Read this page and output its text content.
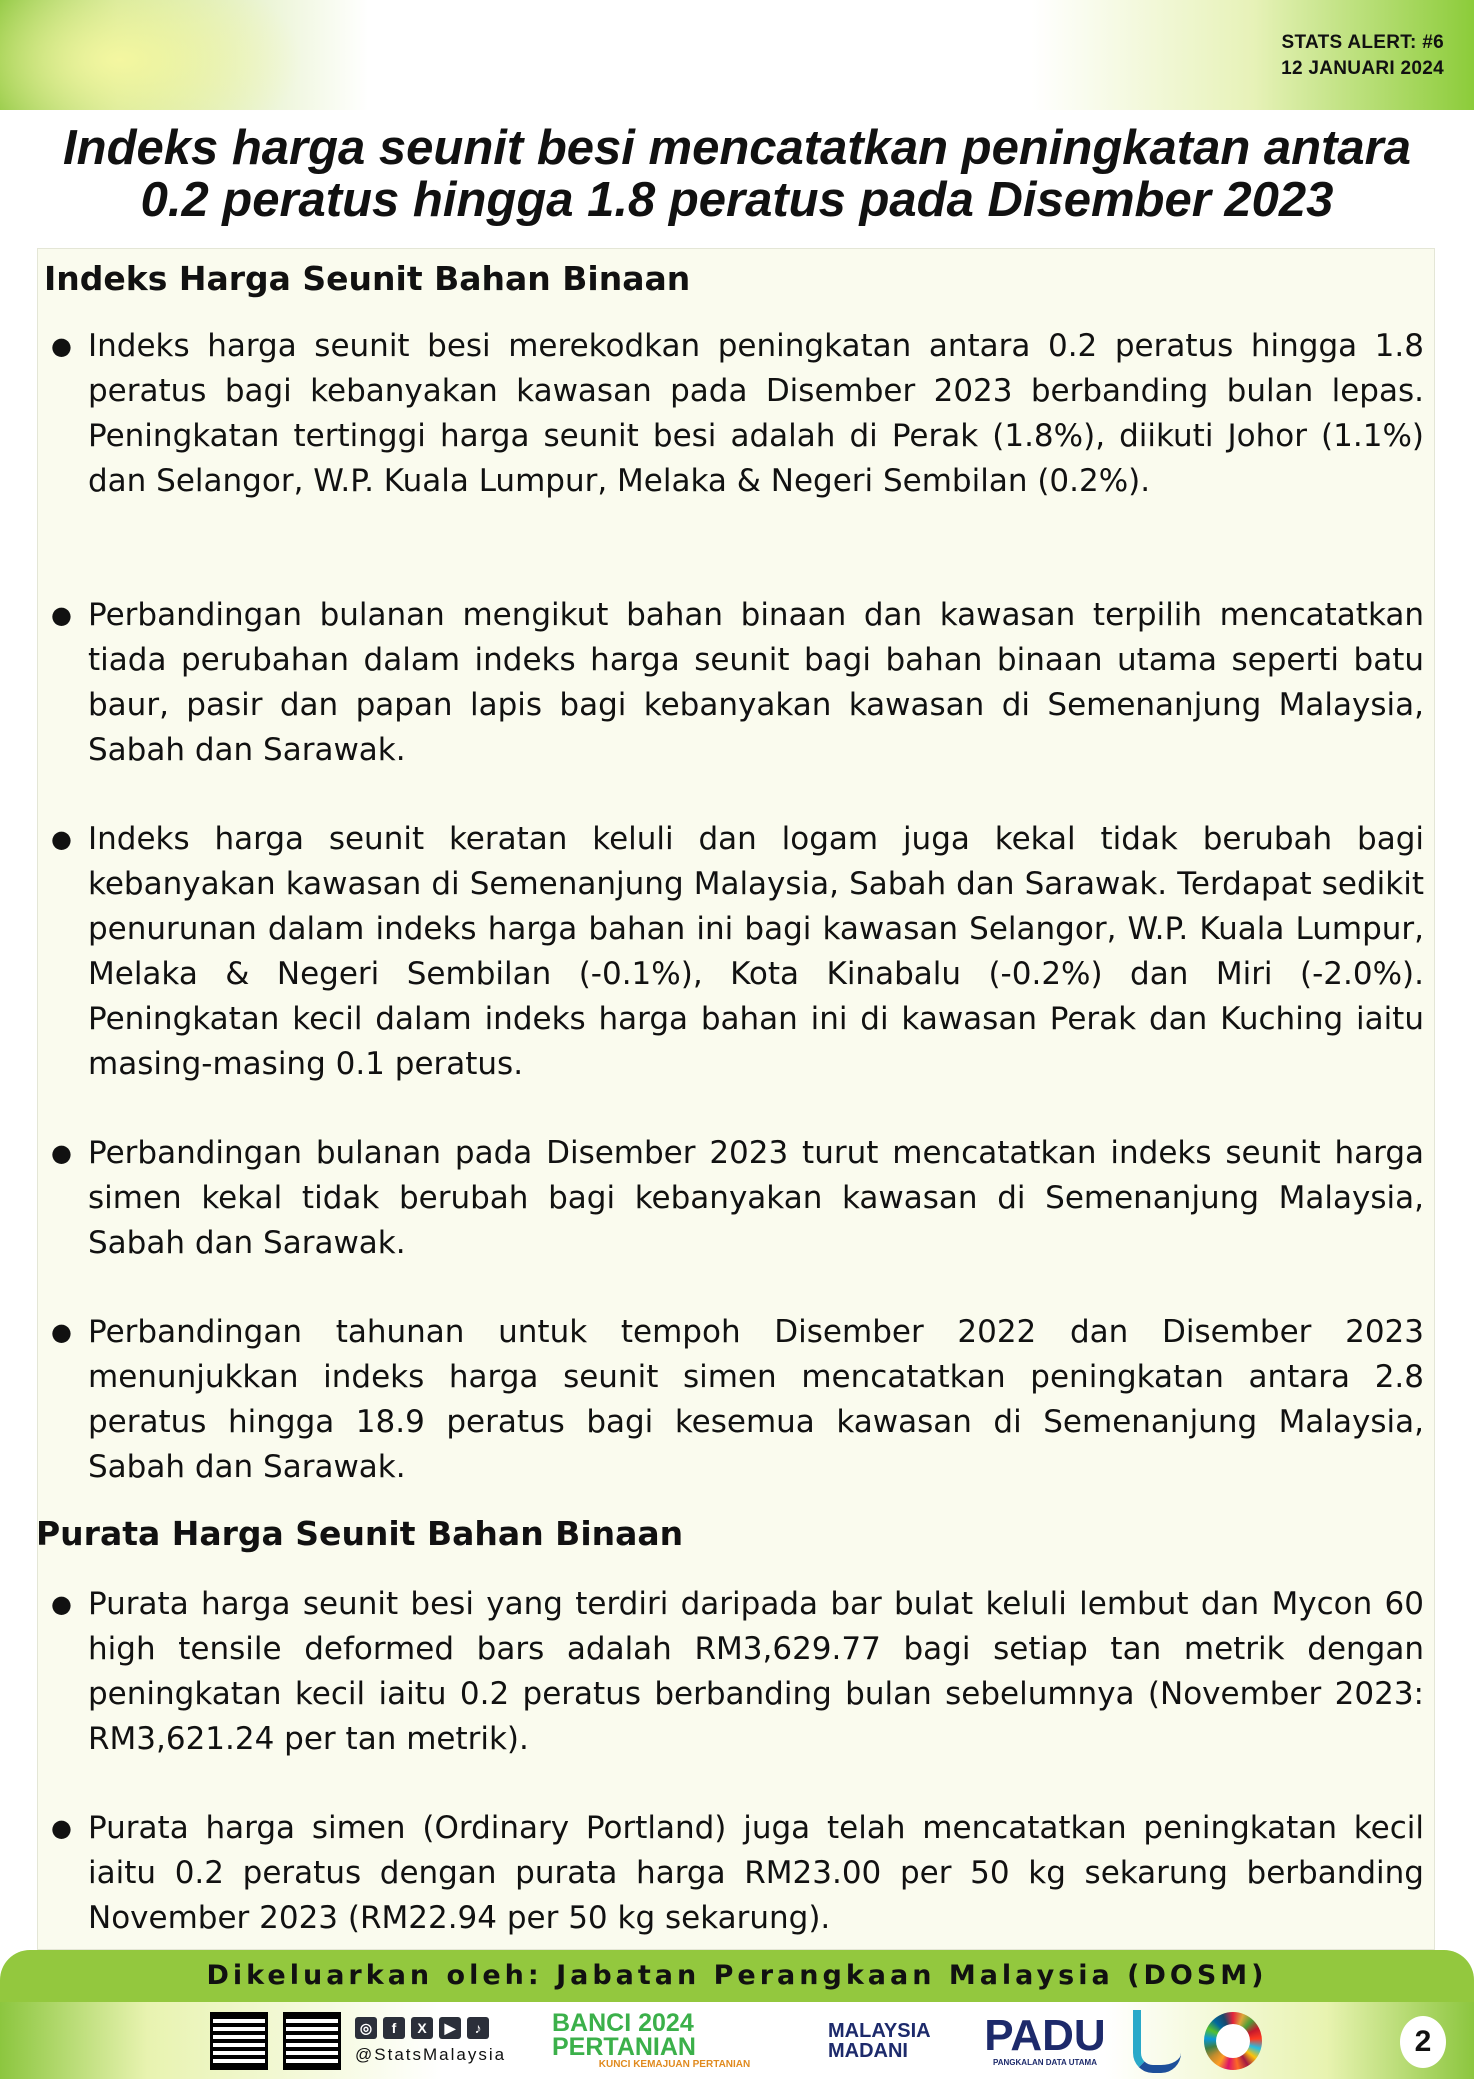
STATS ALERT: #6
12 JANUARI 2024
Indeks harga seunit besi mencatatkan peningkatan antara
0.2 peratus hingga 1.8 peratus pada Disember 2023
Indeks Harga Seunit Bahan Binaan
● Indeks harga seunit besi merekodkan peningkatan antara 0.2 peratus hingga 1.8 peratus bagi kebanyakan kawasan pada Disember 2023 berbanding bulan lepas. Peningkatan tertinggi harga seunit besi adalah di Perak (1.8%), diikuti Johor (1.1%) dan Selangor, W.P. Kuala Lumpur, Melaka & Negeri Sembilan (0.2%).
● Perbandingan bulanan mengikut bahan binaan dan kawasan terpilih mencatatkan tiada perubahan dalam indeks harga seunit bagi bahan binaan utama seperti batu baur, pasir dan papan lapis bagi kebanyakan kawasan di Semenanjung Malaysia, Sabah dan Sarawak.
● Indeks harga seunit keratan keluli dan logam juga kekal tidak berubah bagi kebanyakan kawasan di Semenanjung Malaysia, Sabah dan Sarawak. Terdapat sedikit penurunan dalam indeks harga bahan ini bagi kawasan Selangor, W.P. Kuala Lumpur, Melaka & Negeri Sembilan (-0.1%), Kota Kinabalu (-0.2%) dan Miri (-2.0%). Peningkatan kecil dalam indeks harga bahan ini di kawasan Perak dan Kuching iaitu masing-masing 0.1 peratus.
● Perbandingan bulanan pada Disember 2023 turut mencatatkan indeks seunit harga simen kekal tidak berubah bagi kebanyakan kawasan di Semenanjung Malaysia, Sabah dan Sarawak.
● Perbandingan tahunan untuk tempoh Disember 2022 dan Disember 2023 menunjukkan indeks harga seunit simen mencatatkan peningkatan antara 2.8 peratus hingga 18.9 peratus bagi kesemua kawasan di Semenanjung Malaysia, Sabah dan Sarawak.
Purata Harga Seunit Bahan Binaan
● Purata harga seunit besi yang terdiri daripada bar bulat keluli lembut dan Mycon 60 high tensile deformed bars adalah RM3,629.77 bagi setiap tan metrik dengan peningkatan kecil iaitu 0.2 peratus berbanding bulan sebelumnya (November 2023: RM3,621.24 per tan metrik).
● Purata harga simen (Ordinary Portland) juga telah mencatatkan peningkatan kecil iaitu 0.2 peratus dengan purata harga RM23.00 per 50 kg sekarung berbanding November 2023 (RM22.94 per 50 kg sekarung).
Dikeluarkan oleh: Jabatan Perangkaan Malaysia (DOSM)
◎ f X ▶ ♪
@StatsMalaysia
BANCI 2024 PERTANIAN
KUNCI KEMAJUAN PERTANIAN
MALAYSIA MADANI	PADU
PANGKALAN DATA UTAMA
2
